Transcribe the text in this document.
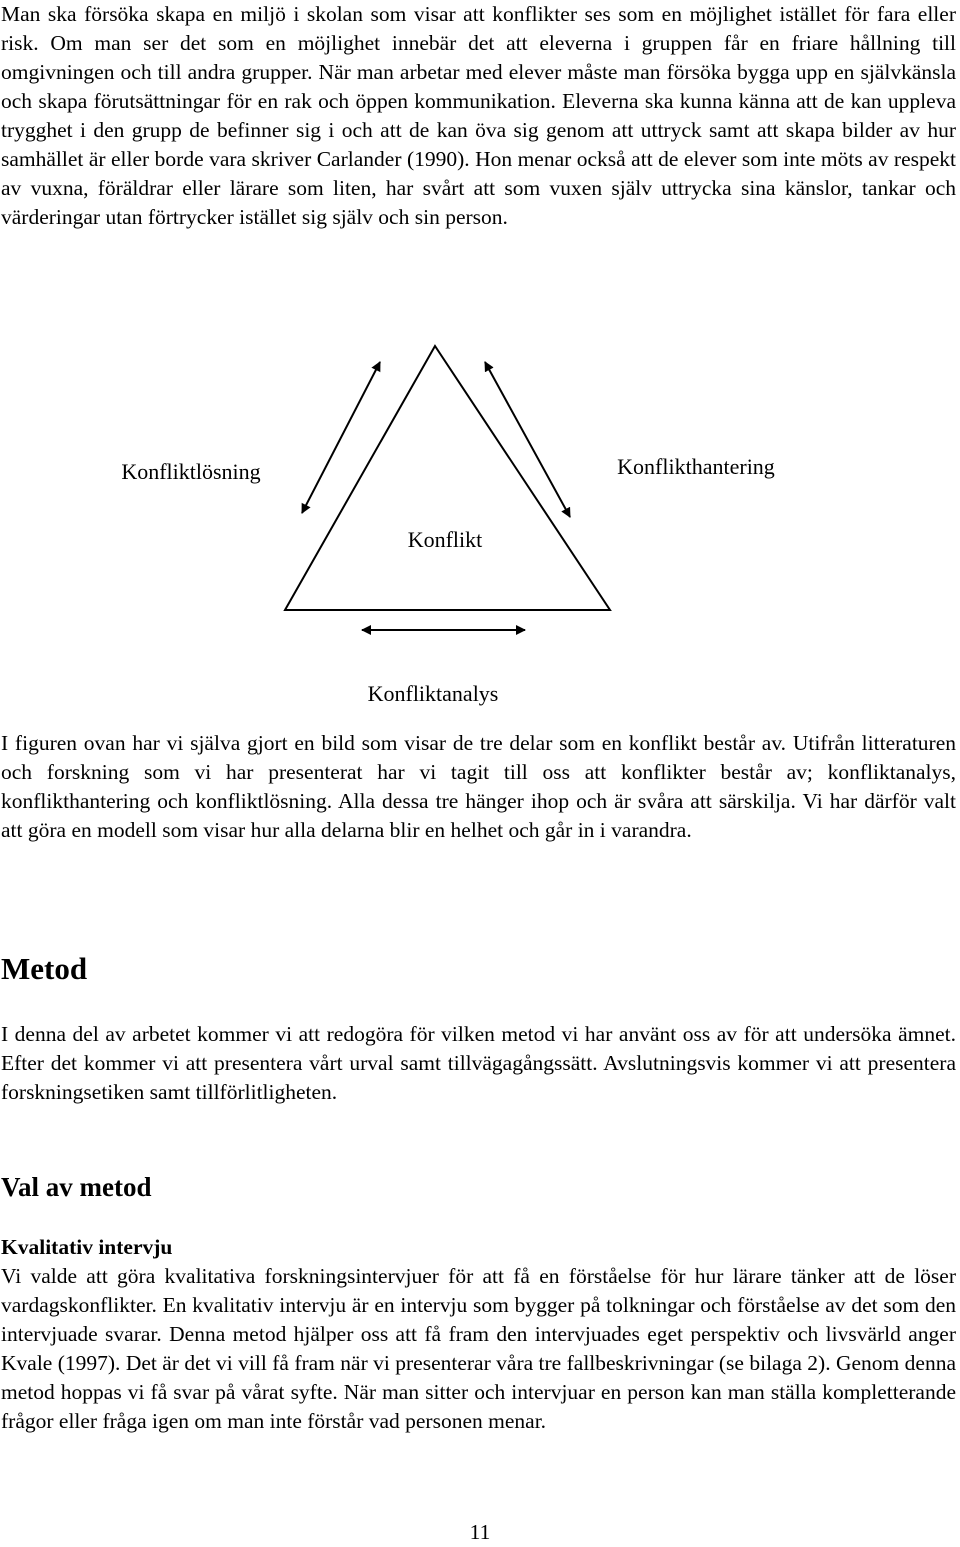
Man ska försöka skapa en miljö i skolan som visar att konflikter ses som en möjlighet istället för fara eller risk. Om man ser det som en möjlighet innebär det att eleverna i gruppen får en friare hållning till omgivningen och till andra grupper. När man arbetar med elever måste man försöka bygga upp en självkänsla och skapa förutsättningar för en rak och öppen kommunikation. Eleverna ska kunna känna att de kan uppleva trygghet i den grupp de befinner sig i och att de kan öva sig genom att uttryck samt att skapa bilder av hur samhället är eller borde vara skriver Carlander (1990). Hon menar också att de elever som inte möts av respekt av vuxna, föräldrar eller lärare som liten, har svårt att som vuxen själv uttrycka sina känslor, tankar och värderingar utan förtrycker istället sig själv och sin person.

Konfliktlösning	Konflikthantering
Konflikt
Konfliktanalys

I figuren ovan har vi själva gjort en bild som visar de tre delar som en konflikt består av. Utifrån litteraturen och forskning som vi har presenterat har vi tagit till oss att konflikter består av; konfliktanalys, konflikthantering och konfliktlösning. Alla dessa tre hänger ihop och är svåra att särskilja. Vi har därför valt att göra en modell som visar hur alla delarna blir en helhet och går in i varandra.

Metod

I denna del av arbetet kommer vi att redogöra för vilken metod vi har använt oss av för att undersöka ämnet. Efter det kommer vi att presentera vårt urval samt tillvägagångssätt. Avslutningsvis kommer vi att presentera forskningsetiken samt tillförlitligheten.

Val av metod
Kvalitativ intervju

Vi valde att göra kvalitativa forskningsintervjuer för att få en förståelse för hur lärare tänker att de löser vardagskonflikter. En kvalitativ intervju är en intervju som bygger på tolkningar och förståelse av det som den intervjuade svarar. Denna metod hjälper oss att få fram den intervjuades eget perspektiv och livsvärld anger Kvale (1997). Det är det vi vill få fram när vi presenterar våra tre fallbeskrivningar (se bilaga 2). Genom denna metod hoppas vi få svar på vårat syfte. När man sitter och intervjuar en person kan man ställa kompletterande frågor eller fråga igen om man inte förstår vad personen menar.

11
